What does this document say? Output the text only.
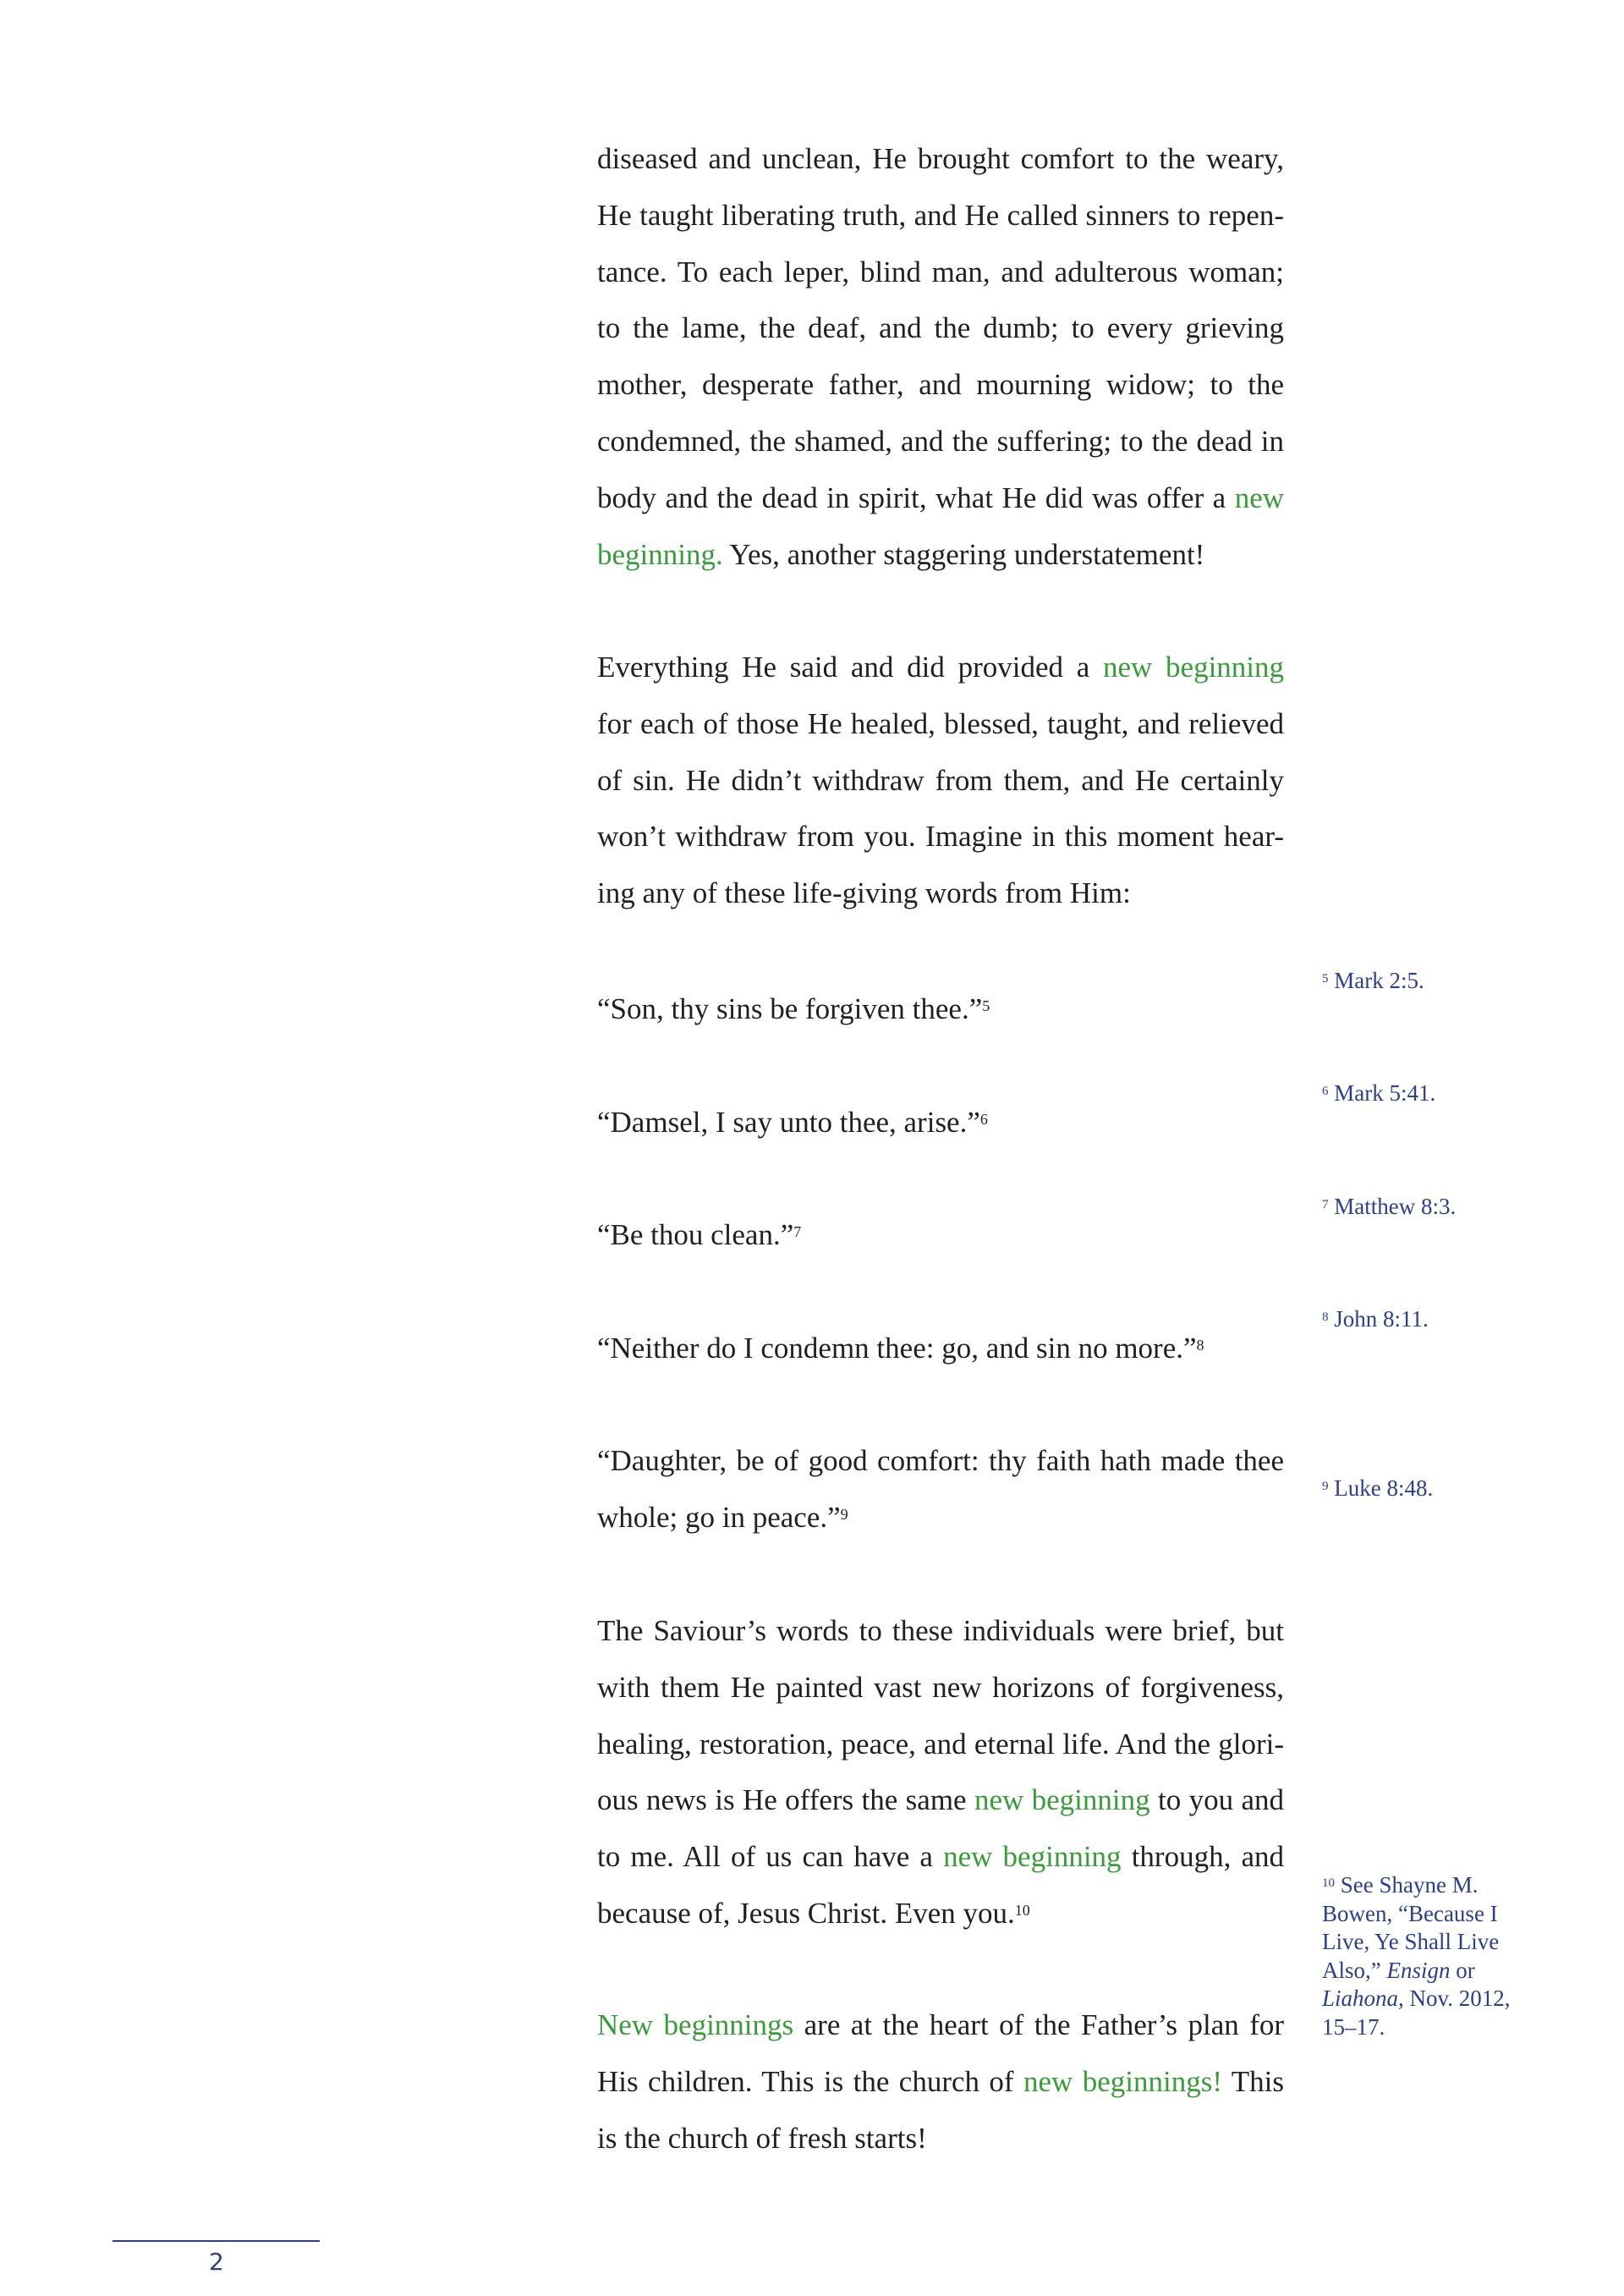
diseased and unclean, He brought comfort to the weary,
He taught liberating truth, and He called sinners to repen-
tance. To each leper, blind man, and adulterous woman;
to the lame, the deaf, and the dumb; to every grieving
mother, desperate father, and mourning widow; to the
condemned, the shamed, and the suffering; to the dead in
body and the dead in spirit, what He did was offer a new
beginning. Yes, another staggering understatement!
Everything He said and did provided a new beginning
for each of those He healed, blessed, taught, and relieved
of sin. He didn’t withdraw from them, and He certainly
won’t withdraw from you. Imagine in this moment hear-
ing any of these life-giving words from Him:

“Son, thy sins be forgiven thee.”$^5$

“Damsel, I say unto thee, arise.”$^6$

“Be thou clean.”$^7$

“Neither do I condemn thee: go, and sin no more.”$^8$

“Daughter, be of good comfort: thy faith hath made thee
whole; go in peace.”$^9$
The Saviour’s words to these individuals were brief, but
with them He painted vast new horizons of forgiveness,
healing, restoration, peace, and eternal life. And the glori-
ous news is He offers the same new beginning to you and
to me. All of us can have a new beginning through, and
because of, Jesus Christ. Even you.$^{10}$
New beginnings are at the heart of the Father’s plan for
His children. This is the church of new beginnings! This
is the church of fresh starts!
$^5$ Mark 2:5.
$^6$ Mark 5:41.
$^7$ Matthew 8:3.
$^8$ John 8:11.
$^9$ Luke 8:48.
$^{10}$ See Shayne M.
Bowen, “Because I
Live, Ye Shall Live
Also,” Ensign or
Liahona, Nov. 2012,
15–17.
2
